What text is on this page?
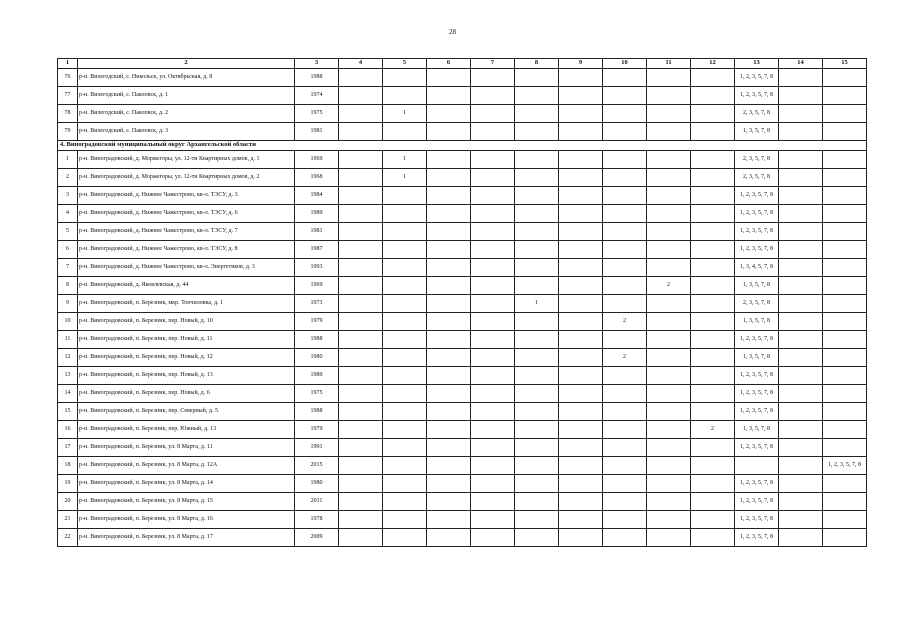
28
1	2	3	4	5	6	7	8	9	10	11	12	13	14	15
76	р-н. Вилегодский, с. Никольск, ул. Октябрьская, д. 8	1988										1, 2, 3, 5, 7, 8		
77	р-н. Вилегодский, с. Павловск, д. 1	1974										1, 2, 3, 5, 7, 8		
78	р-н. Вилегодский, с. Павловск, д. 2	1975		1								2, 3, 5, 7, 8		
79	р-н. Вилегодский, с. Павловск, д. 3	1981										1, 3, 5, 7, 8		
4. Виноградовский муниципальный округ Архангельской области														
1	р-н. Виноградовский, д. Моржегоры, ул. 12-ти Квартирных домов, д. 1	1969		1								2, 3, 5, 7, 8		
2	р-н. Виноградовский, д. Моржегоры, ул. 12-ти Квартирных домов, д. 2	1968		1								2, 3, 5, 7, 8		
3	р-н. Виноградовский, д. Нижнее Чажестрово, кв-л. ТЭСУ, д. 3	1984										1, 2, 3, 5, 7, 8		
4	р-н. Виноградовский, д. Нижнее Чажестрово, кв-л. ТЭСУ, д. 6	1989										1, 2, 3, 5, 7, 8		
5	р-н. Виноградовский, д. Нижнее Чажестрово, кв-л. ТЭСУ, д. 7	1981										1, 2, 3, 5, 7, 8		
6	р-н. Виноградовский, д. Нижнее Чажестрово, кв-л. ТЭСУ, д. 8	1987										1, 2, 3, 5, 7, 8		
7	р-н. Виноградовский, д. Нижнее Чажестрово, кв-л. Энергетиков, д. 3	1993										1, 3, 4, 5, 7, 8		
8	р-н. Виноградовский, д. Яковлевская, д. 44	1969								2		1, 3, 5, 7, 8		
9	р-н. Виноградовский, п. Березник, мкр. Топчиловка, д. 1	1973					1					2, 3, 5, 7, 8		
10	р-н. Виноградовский, п. Березник, пер. Новый, д. 10	1979							2			1, 3, 5, 7, 8		
11	р-н. Виноградовский, п. Березник, пер. Новый, д. 11	1988										1, 2, 3, 5, 7, 8		
12	р-н. Виноградовский, п. Березник, пер. Новый, д. 12	1980							2			1, 3, 5, 7, 8		
13	р-н. Виноградовский, п. Березник, пер. Новый, д. 13	1989										1, 2, 3, 5, 7, 8		
14	р-н. Виноградовский, п. Березник, пер. Новый, д. 6	1975										1, 2, 3, 5, 7, 8		
15	р-н. Виноградовский, п. Березник, пер. Северный, д. 5	1988										1, 2, 3, 5, 7, 8		
16	р-н. Виноградовский, п. Березник, пер. Южный, д. 13	1979									2	1, 3, 5, 7, 8		
17	р-н. Виноградовский, п. Березник, ул. 8 Марта, д. 11	1991										1, 2, 3, 5, 7, 8		
18	р-н. Виноградовский, п. Березник, ул. 8 Марта, д. 12А	2015												1, 2, 3, 5, 7, 8
19	р-н. Виноградовский, п. Березник, ул. 8 Марта, д. 14	1980										1, 2, 3, 5, 7, 8		
20	р-н. Виноградовский, п. Березник, ул. 8 Марта, д. 15	2011										1, 2, 3, 5, 7, 8		
21	р-н. Виноградовский, п. Березник, ул. 8 Марта, д. 16	1978										1, 2, 3, 5, 7, 8		
22	р-н. Виноградовский, п. Березник, ул. 8 Марта, д. 17	2009										1, 2, 3, 5, 7, 8		
